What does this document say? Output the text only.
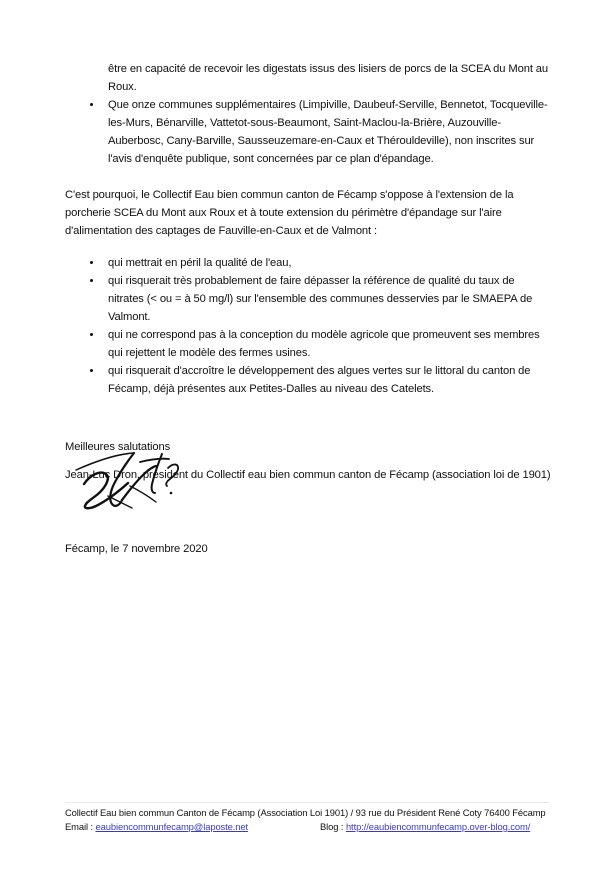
être en capacité de recevoir les digestats issus des lisiers de porcs de la SCEA du Mont au Roux.
Que onze communes supplémentaires (Limpiville, Daubeuf-Serville, Bennetot, Tocqueville-les-Murs, Bénarville, Vattetot-sous-Beaumont, Saint-Maclou-la-Brière, Auzouville-Auberbosc, Cany-Barville, Sausseuzemare-en-Caux et Thérouldeville), non inscrites sur l'avis d'enquête publique, sont concernées par ce plan d'épandage.

C'est pourquoi, le Collectif Eau bien commun canton de Fécamp s'oppose à l'extension de la porcherie SCEA du Mont aux Roux et à toute extension du périmètre d'épandage sur l'aire d'alimentation des captages de Fauville-en-Caux et de Valmont :

qui mettrait en péril la qualité de l'eau,
qui risquerait très probablement de faire dépasser la référence de qualité du taux de nitrates (< ou = à 50 mg/l) sur l'ensemble des communes desservies par le SMAEPA de Valmont.
qui ne correspond pas à la conception du modèle agricole que promeuvent ses membres qui rejettent le modèle des fermes usines.
qui risquerait d'accroître le développement des algues vertes sur le littoral du canton de Fécamp, déjà présentes aux Petites-Dalles au niveau des Catelets.

Meilleures salutations

Jean-Luc Dron, président du Collectif eau bien commun canton de Fécamp (association loi de 1901)

Fécamp, le 7 novembre 2020
Collectif Eau bien commun Canton de Fécamp (Association Loi 1901) / 93 rue du Président René Coty 76400 Fécamp
Email : eaubiencommunfecamp@laposte.net	Blog : http://eaubiencommunfecamp.over-blog.com/
